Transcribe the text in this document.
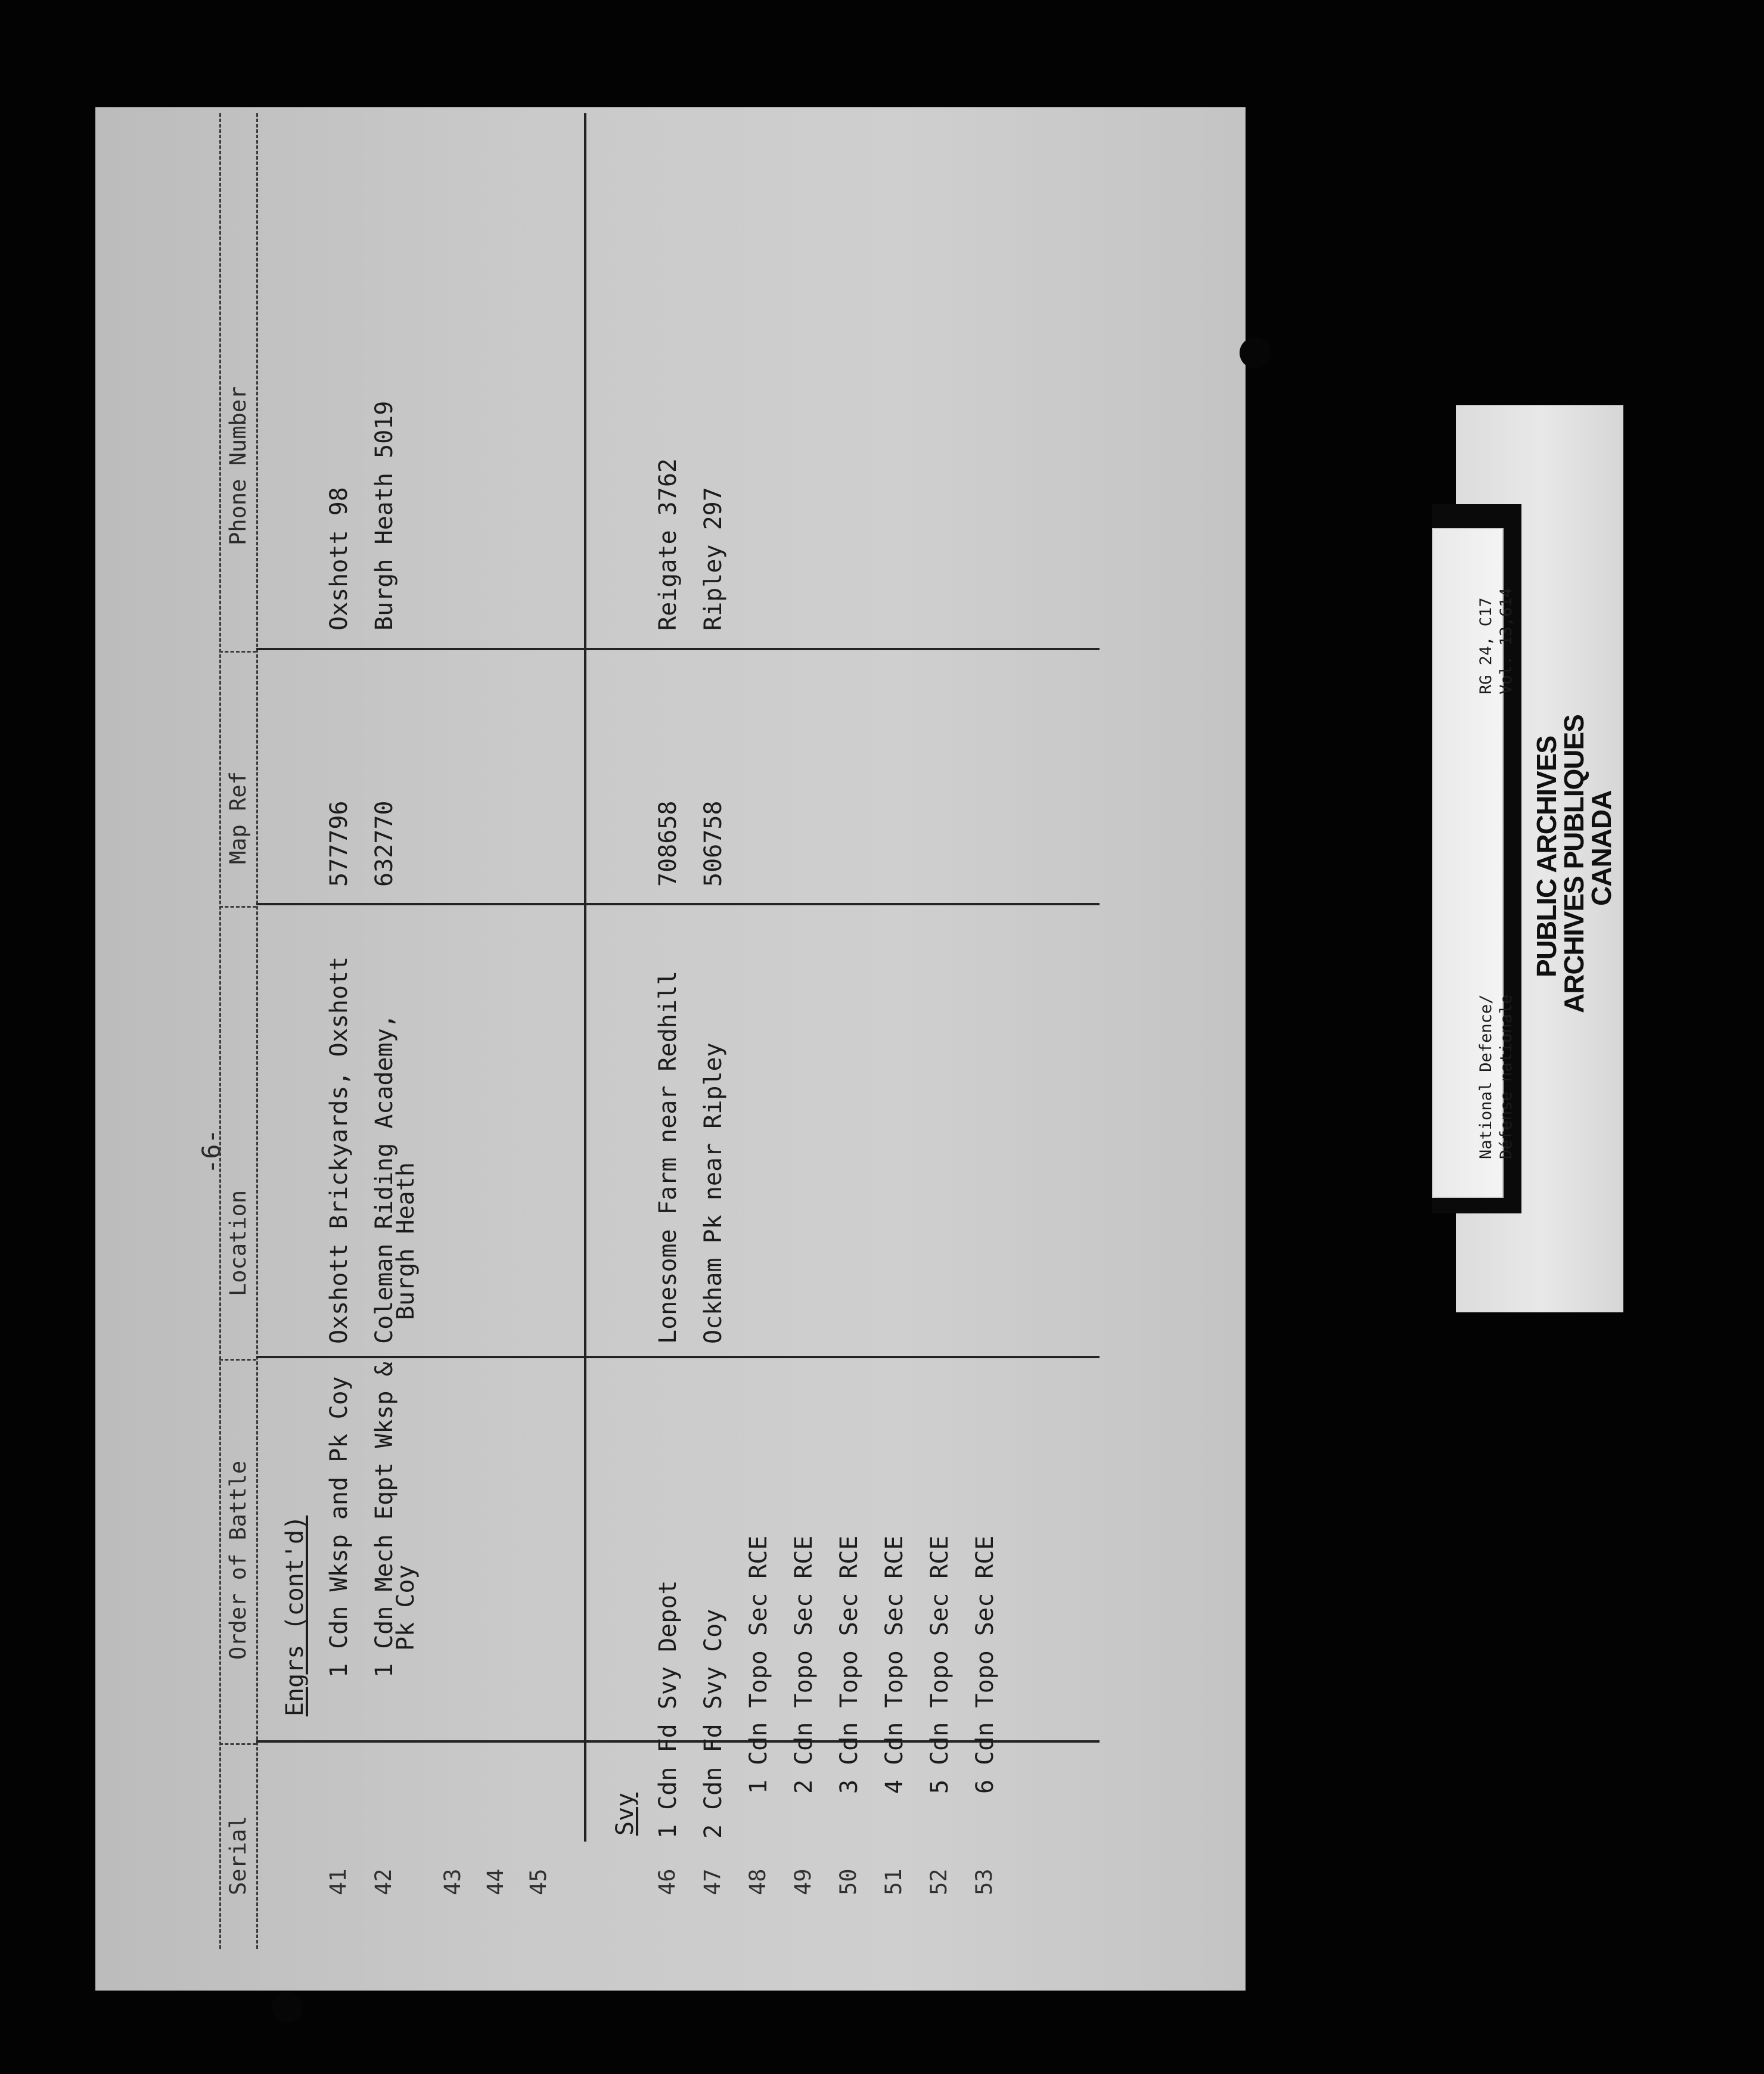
-6-
Serial
Order of Battle
Location
Map Ref
Phone Number
Engrs (cont'd)
41
1 Cdn Wksp and Pk Coy
Oxshott Brickyards, Oxshott
577796
Oxshott 98
42
1 Cdn Mech Eqpt Wksp &
Pk Coy
Coleman Riding Academy,
Burgh Heath
632770
Burgh Heath 5019
43 44 45
Svy
46
1 Cdn Fd Svy Depot
Lonesome Farm near Redhill
708658
Reigate 3762
47
2 Cdn Fd Svy Coy
Ockham Pk near Ripley
506758
Ripley 297
48
1 Cdn Topo Sec RCE
49
2 Cdn Topo Sec RCE
50
3 Cdn Topo Sec RCE
51
4 Cdn Topo Sec RCE
52
5 Cdn Topo Sec RCE
53
6 Cdn Topo Sec RCE
National Defence/ Défense nationale
RG 24, C17 Vol. 13,614
PUBLIC ARCHIVES
ARCHIVES PUBLIQUES
CANADA
